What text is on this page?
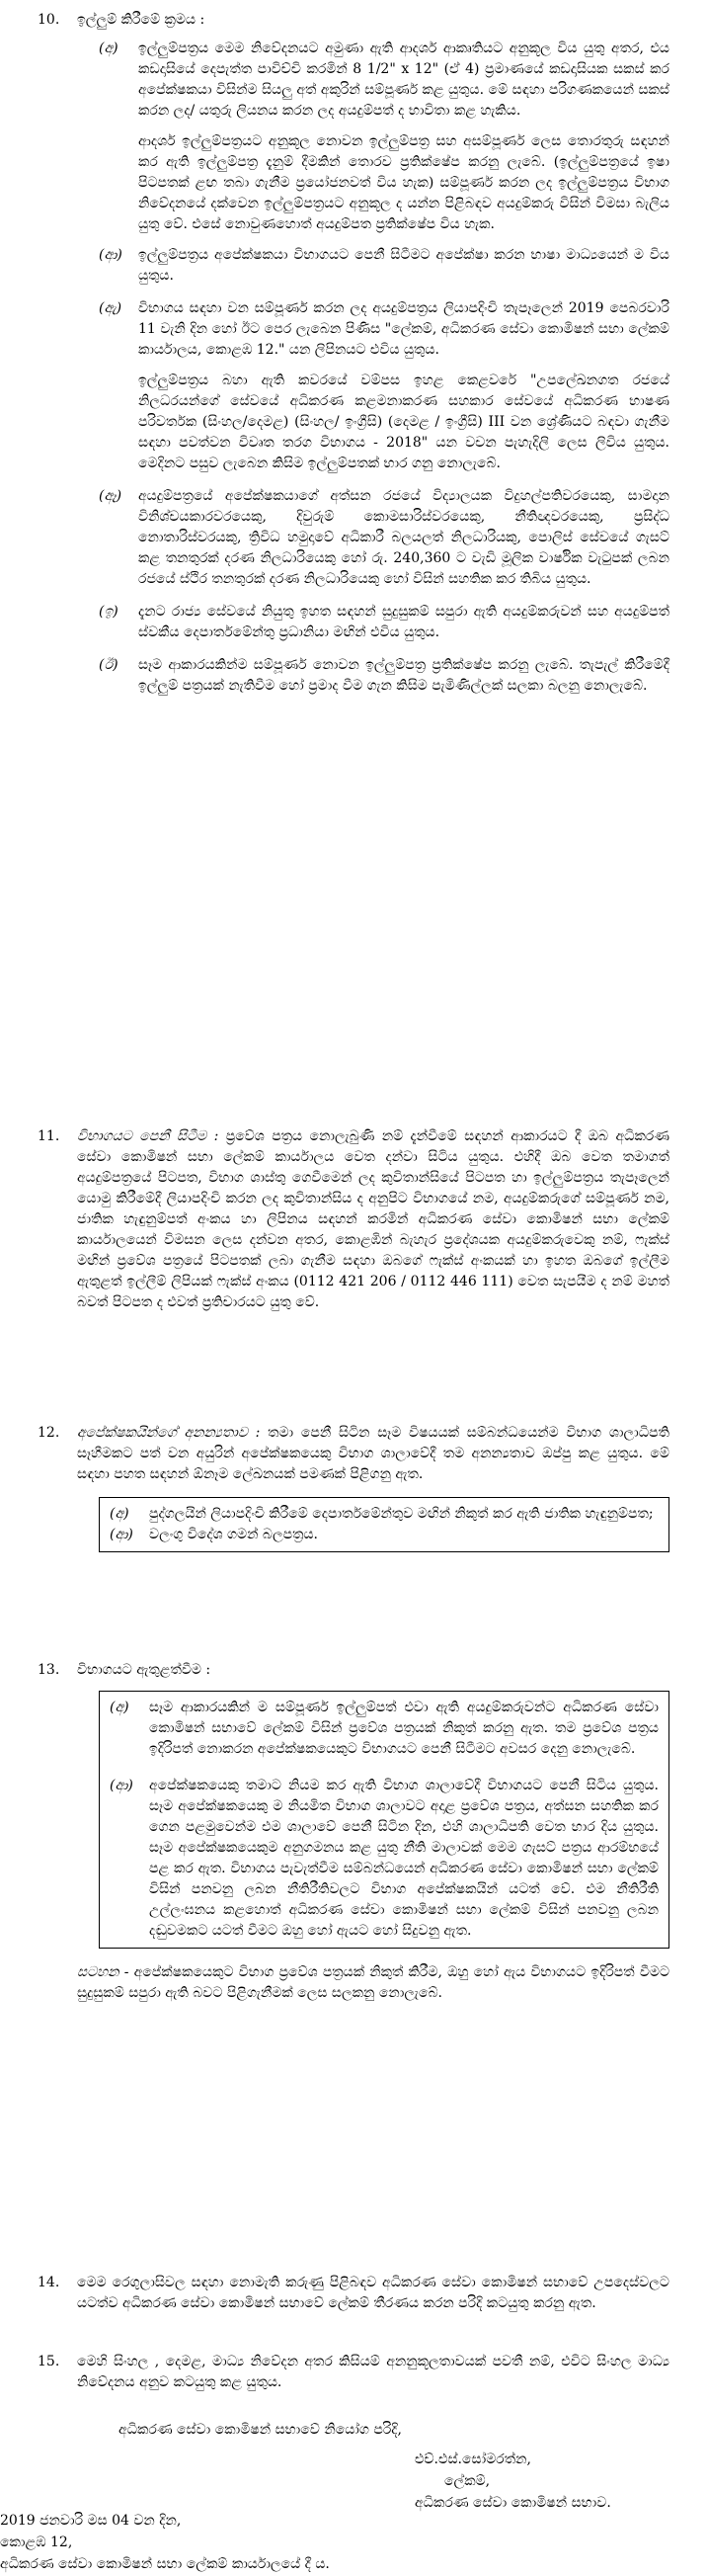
10.	ඉල්ලුම් කිරීමේ ක්‍රමය :
(අ) ඉල්ලුම්පත්‍රය මෙම නිවේදනයට අමුණා ඇති ආදර්ශ ආකෘතියට අනුකූල විය යුතු අතර, එය කඩදාසියේ දෙපැත්ත පාවිච්චි කරමින් 8 1/2" x 12" (ඒ 4) ප්‍රමාණයේ කඩදාසියක සකස් කර අපේක්ෂකයා විසින්ම සියලු අත් අකුරින් සම්පූර්ණ කළ යුතුය. මේ සඳහා පරිගණකයෙන් සකස් කරන ලද/ යතුරු ලියනය කරන ලද අයදුම්පත් ද භාවිතා කළ හැකිය.

ආදර්ශ ඉල්ලුම්පත්‍රයට අනුකූල නොවන ඉල්ලුම්පත්‍ර සහ අසම්පූර්ණ ලෙස තොරතුරු සඳහන් කර ඇති ඉල්ලුම්පත්‍ර දැනුම් දීමකින් තොරව ප්‍රතික්ෂේප කරනු ලැබේ. (ඉල්ලුම්පත්‍රයේ ඉෂා පිටපතක් ළඟ තබා ගැනීම ප්‍රයෝජනවත් විය හැක) සම්පූර්ණ කරන ලද ඉල්ලුම්පත්‍රය විභාග නිවේදනයේ දක්වෙන ඉල්ලුම්පත්‍රයට අනුකූල ද යන්න පිළිබඳව අයදුම්කරු විසින් විමසා බැලිය යුතු වේ. එසේ නොවුණහොත් අයදුම්පත ප්‍රතික්ෂේප විය හැක.

(ආ) ඉල්ලුම්පත්‍රය අපේක්ෂකයා විභාගයට පෙනී සිටීමට අපේක්ෂා කරන භාෂා මාධ්‍යයෙන් ම විය යුතුය.

(ඇ) විභාගය සඳහා වන සම්පූර්ණ කරන ලද අයදුම්පත්‍රය ලියාපදිංචි තැපෑලෙන් 2019 පෙබරවාරි 11 වැනි දින හෝ ඊට පෙර ලැබෙන පිණිස "ලේකම්, අධිකරණ සේවා කොමිෂන් සභා ලේකම් කාර්යාලය, කොළඹ 12." යන ලිපිනයට එවිය යුතුය.

ඉල්ලුම්පත්‍රය බහා ඇති කවරයේ වම්පස ඉහළ කෙළවරේ "උපලේඛනගත රජයේ නිලධරයන්ගේ සේවයේ අධිකරණ කළමනාකරණ සහකාර සේවයේ අධිකරණ භාෂණ පරිවර්තක (සිංහල/දෙමළ) (සිංහල/ ඉංග්‍රීසි) (දෙමළ / ඉංග්‍රීසි) III වන ශ්‍රේණියට බඳවා ගැනීම සඳහා පවත්වන විවෘත තරග විභාගය - 2018" යන වචන පැහැදිලි ලෙස ලිවිය යුතුය. මෙදිනට පසුව ලැබෙන කිසිම ඉල්ලුම්පතක් භාර ගනු නොලැබේ.

(ඈ) අයදුම්පත්‍රයේ අපේක්ෂකයාගේ අත්සන රජයේ විද්‍යාලයක විදුහල්පතිවරයෙකු, සාමදාන විනිශ්චයකාරවරයෙකු, දිවුරුම් කොමසාරිස්වරයෙකු, නීතිඥවරයෙකු, ප්‍රසිද්ධ නොතාරිස්වරයකු, ත්‍රිවිධ හමුදාවේ අධිකාරී බලයලත් නිලධාරියකු, පොලිස් සේවයේ ගැසට් කළ තනතුරක් දරණ නිලධාරියෙකු හෝ රු. 240,360 ට වැඩි මූලික වාර්ෂික වැටුපක් ලබන රජයේ ස්ථිර තනතුරක් දරණ නිලධාරියෙකු හෝ විසින් සහතික කර තිබිය යුතුය.

(ඉ) දැනට රාජ්‍ය සේවයේ නියුතු ඉහත සඳහන් සුදුසුකම් සපුරා ඇති අයදුම්කරුවන් සහ අයදුම්පත් ස්වකීය දෙපාර්තමේන්තු ප්‍රධානියා මඟින් එවිය යුතුය.

(ඊ) සෑම ආකාරයකින්ම සම්පූර්ණ නොවන ඉල්ලුම්පත්‍ර ප්‍රතික්ෂේප කරනු ලැබේ. තැපැල් කිරීමේදී ඉල්ලුම් පත්‍රයක් නැතිවීම හෝ ප්‍රමාද වීම ගැන කිසිම පැමිණිල්ලක් සලකා බලනු නොලැබේ.

11.	විභාගයට පෙනී සිටීම : ප්‍රවේශ පත්‍රය නොලැබුණි නම් දැන්වීමේ සඳහන් ආකාරයට දී ඔබ අධිකරණ සේවා කොමිෂන් සභා ලේකම් කාර්යාලය වෙත දන්වා සිටිය යුතුය. එහිදී ඔබ වෙත තමාගත් අයදුම්පත්‍රයේ පිටපත, විභාග ශාස්තු ගෙවීමෙන් ලද කුවිතාන්සියේ පිටපත හා ඉල්ලුම්පත්‍රය තැපෑලෙන් යොමු කිරීමේදී ලියාපදිංචි කරන ලද කුවිතාන්සිය ද අනුපිට විභාගයේ නම, අයදුම්කරුගේ සම්පූර්ණ නම, ජාතික හැඳුනුම්පත් අංකය හා ලිපිනය සඳහන් කරමින් අධිකරණ සේවා කොමිෂන් සභා ලේකම් කාර්යාලයෙන් විමසන ලෙස දන්වන අතර, කොළඹින් බැහැර ප්‍රදේශයක අයදුම්කරුවෙකු නම්, ෆැක්ස් මඟින් ප්‍රවේශ පත්‍රයේ පිටපතක් ලබා ගැනීම සඳහා ඔබගේ ෆැක්ස් අංකයක් හා ඉහත ඔබගේ ඉල්ලීම ඇතුළත් ඉල්ලීම් ලිපියක් ෆැක්ස් අංකය (0112 421 206 / 0112 446 111) වෙත සැපයීම ද නම් මහත් බවත් පිටපත ද එවත් ප්‍රතිචාරයට යුතු වේ.

12.	අපේක්ෂකයින්ගේ අනන්‍යතාව : තමා පෙනී සිටින සෑම විෂයයක් සම්බන්ධයෙන්ම විභාග ශාලාධිපති සෑහීමකට පත් වන අයුරින් අපේක්ෂකයෙකු විභාග ශාලාවේදී තම අනන්‍යතාව ඔප්පු කළ යුතුය. මේ සඳහා පහත සඳහන් ඕනෑම ලේඛනයක් පමණක් පිළිගනු ඇත.

(අ) පුද්ගලයින් ලියාපදිංචි කිරීමේ දෙපාර්තමේන්තුව මඟින් නිකුත් කර ඇති ජාතික හැඳුනුම්පත;
(ආ) වලංගු විදේශ ගමන් බලපත්‍රය.
13.	විභාගයට ඇතුළත්වීම :
(අ) සෑම ආකාරයකින් ම සම්පූර්ණ ඉල්ලුම්පත් එවා ඇති අයදුම්කරුවන්ට අධිකරණ සේවා කොමිෂන් සභාවේ ලේකම් විසින් ප්‍රවේශ පත්‍රයක් නිකුත් කරනු ඇත. තම ප්‍රවේශ පත්‍රය ඉදිරිපත් නොකරන අපේක්ෂකයෙකුට විභාගයට පෙනී සිටීමට අවසර දෙනු නොලැබේ.

(ආ) අපේක්ෂකයෙකු තමාට නියම කර ඇති විභාග ශාලාවේදී විභාගයට පෙනී සිටිය යුතුය. සෑම අපේක්ෂකයෙකු ම නියමිත විභාග ශාලාවට අදාළ ප්‍රවේශ පත්‍රය, අත්සන සහතික කර ගෙන පළමුවෙන්ම එම ශාලාවේ පෙනී සිටින දින, එහි ශාලාධිපති වෙත භාර දිය යුතුය. සෑම අපේක්ෂකයෙකුම අනුගමනය කළ යුතු නීති මාලාවක් මෙම ගැසට් පත්‍රය ආරම්භයේ පළ කර ඇත. විභාගය පැවැත්වීම සම්බන්ධයෙන් අධිකරණ සේවා කොමිෂන් සභා ලේකම් විසින් පනවනු ලබන නීතිරීතිවලට විභාග අපේක්ෂකයින් යටත් වේ. එම නීතිරීති උල්ලංඝනය කළහොත් අධිකරණ සේවා කොමිෂන් සභා ලේකම් විසින් පනවනු ලබන දඬුවමකට යටත් වීමට ඔහු හෝ ඇයට හෝ සිදුවනු ඇත.

සටහන - අපේක්ෂකයෙකුට විභාග ප්‍රවේශ පත්‍රයක් නිකුත් කිරීම, ඔහු හෝ ඇය විභාගයට ඉදිරිපත් වීමට සුදුසුකම් සපුරා ඇති බවට පිළිගැනීමක් ලෙස සලකනු නොලැබේ.

14.	මෙම රෙගුලාසිවල සඳහා නොමැති කරුණු පිළිබඳව අධිකරණ සේවා කොමිෂන් සභාවේ උපදෙස්වලට යටත්ව අධිකරණ සේවා කොමිෂන් සභාවේ ලේකම් තීරණය කරන පරිදි කටයුතු කරනු ඇත.

15.	මෙහි සිංහල , දෙමළ, මාධ්‍ය නිවේදන අතර කිසියම් අනනුකූලතාවයක් පවතී නම්, එවිට සිංහල මාධ්‍ය නිවේදනය අනුව කටයුතු කළ යුතුය.

අධිකරණ සේවා කොමිෂන් සභාවේ නියෝග පරිදි,
එච්.එස්.සෝමරත්න,
ලේකම්,
අධිකරණ සේවා කොමිෂන් සභාව.
2019 ජනවාරි මස 04 වන දින,
කොළඹ 12,
අධිකරණ සේවා කොමිෂන් සභා ලේකම් කාර්යාලයේ දී ය.
